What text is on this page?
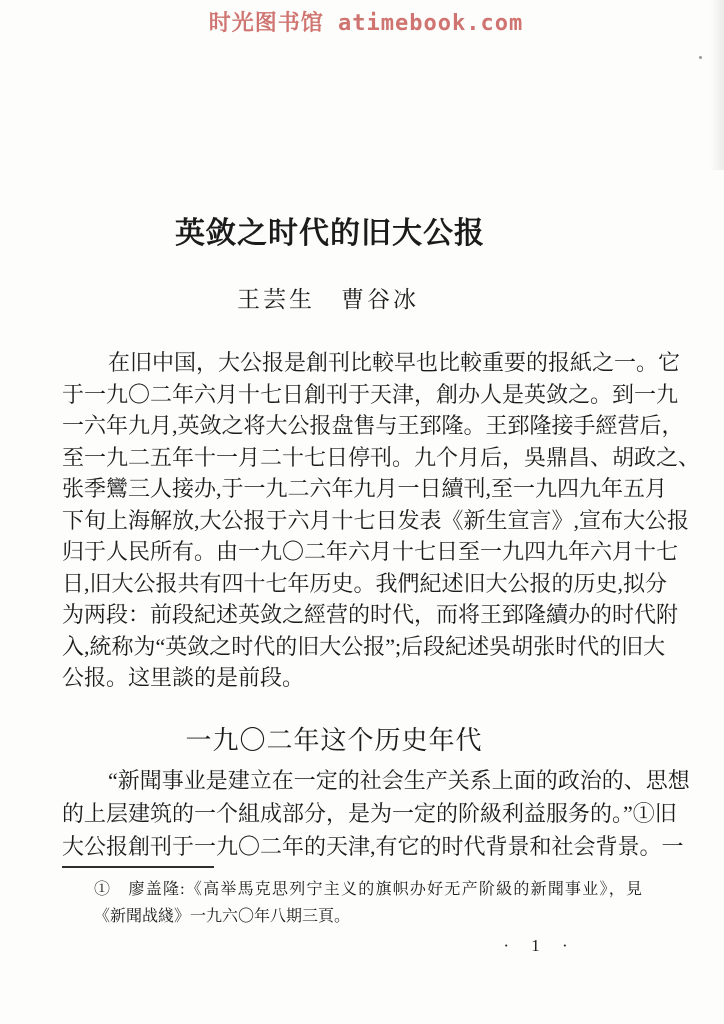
时光图书馆 atimebook.com
英敛之时代的旧大公报
王芸生　曹谷冰
在旧中国，大公报是創刊比較早也比較重要的报紙之一。它
于一九〇二年六月十七日創刊于天津，創办人是英敛之。到一九
一六年九月,英敛之将大公报盘售与王郅隆。王郅隆接手經营后，
至一九二五年十一月二十七日停刊。九个月后，吳鼎昌、胡政之、
张季鸞三人接办,于一九二六年九月一日續刊,至一九四九年五月
下旬上海解放,大公报于六月十七日发表《新生宣言》,宣布大公报
归于人民所有。由一九〇二年六月十七日至一九四九年六月十七
日,旧大公报共有四十七年历史。我們紀述旧大公报的历史,拟分
为两段：前段紀述英敛之經营的时代，而将王郅隆續办的时代附
入,統称为“英敛之时代的旧大公报”;后段紀述吳胡张时代的旧大
公报。这里談的是前段。
一九〇二年这个历史年代
“新聞事业是建立在一定的社会生产关系上面的政治的、思想
的上层建筑的一个組成部分，是为一定的阶級利益服务的。”①旧
大公报創刊于一九〇二年的天津,有它的时代背景和社会背景。一
①　廖盖隆:《高举馬克思列宁主义的旗帜办好无产阶級的新聞事业》，見
《新聞战綫》一九六〇年八期三頁。
· 1 ·
